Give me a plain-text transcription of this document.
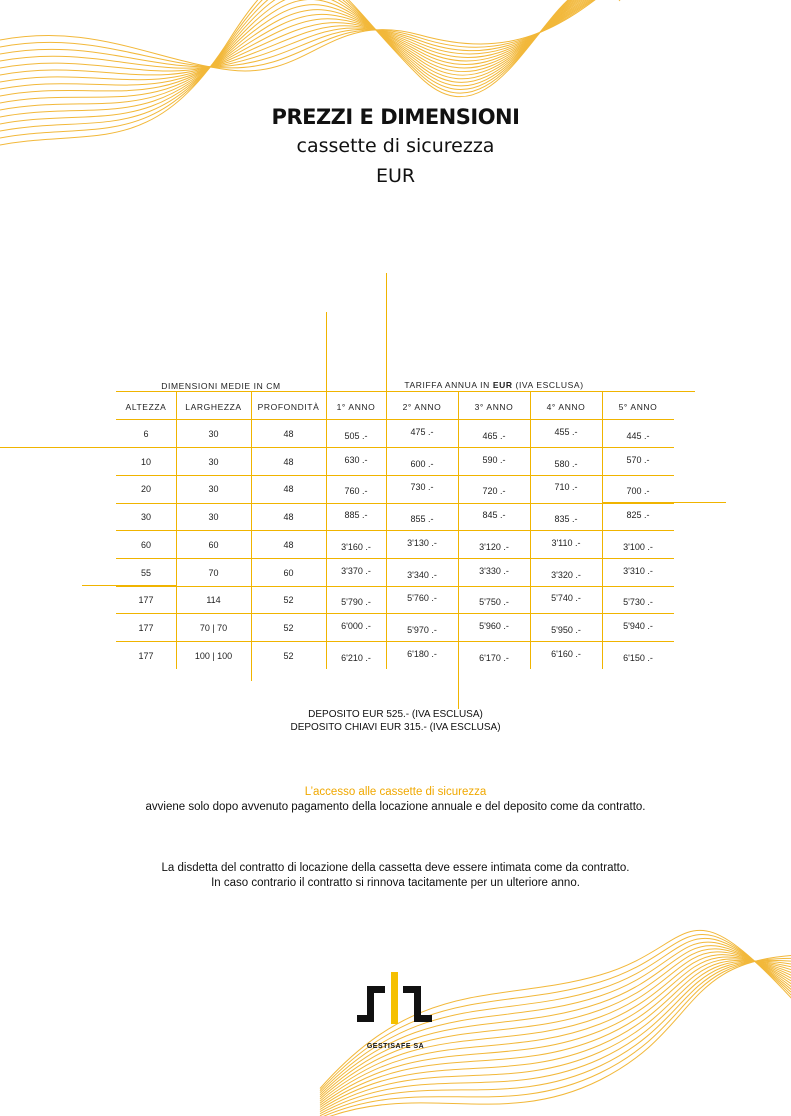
PREZZI E DIMENSIONI
cassette di sicurezza
EUR
DIMENSIONI MEDIE IN CM	TARIFFA ANNUA IN EUR (IVA ESCLUSA)
ALTEZZA	LARGHEZZA	PROFONDITÀ	1° ANNO	2° ANNO	3° ANNO	4° ANNO	5° ANNO
6	30	48	505 .-	475 .-	465 .-	455 .-	445 .-
10	30	48	630 .-	600 .-	590 .-	580 .-	570 .-
20	30	48	760 .-	730 .-	720 .-	710 .-	700 .-
30	30	48	885 .-	855 .-	845 .-	835 .-	825 .-
60	60	48	3'160 .-	3'130 .-	3'120 .-	3'110 .-	3'100 .-
55	70	60	3'370 .-	3'340 .-	3'330 .-	3'320 .-	3'310 .-
177	114	52	5'790 .-	5'760 .-	5'750 .-	5'740 .-	5'730 .-
177	70 | 70	52	6'000 .-	5'970 .-	5'960 .-	5'950 .-	5'940 .-
177	100 | 100	52	6'210 .-	6'180 .-	6'170 .-	6'160 .-	6'150 .-
DEPOSITO EUR 525.- (IVA ESCLUSA)
DEPOSITO CHIAVI EUR 315.- (IVA ESCLUSA)
L’accesso alle cassette di sicurezza
avviene solo dopo avvenuto pagamento della locazione annuale e del deposito come da contratto.
La disdetta del contratto di locazione della cassetta deve essere intimata come da contratto.
In caso contrario il contratto si rinnova tacitamente per un ulteriore anno.
GESTISAFE SA
